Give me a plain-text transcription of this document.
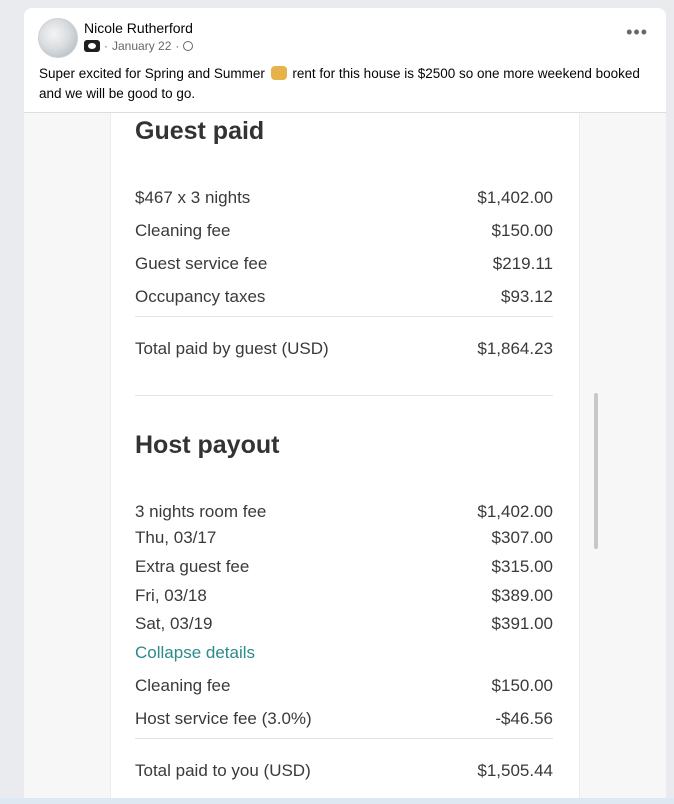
Nicole Rutherford
· January 22 ·
•••
Super excited for Spring and Summer rent for this house is $2500 so one more weekend booked and we will be good to go.
Guest paid
$467 x 3 nights	$1,402.00
Cleaning fee	$150.00
Guest service fee	$219.11
Occupancy taxes	$93.12
Total paid by guest (USD)	$1,864.23
Host payout
3 nights room fee	$1,402.00
Thu, 03/17	$307.00
Extra guest fee	$315.00
Fri, 03/18	$389.00
Sat, 03/19	$391.00
Collapse details
Cleaning fee	$150.00
Host service fee (3.0%)	-$46.56
Total paid to you (USD)	$1,505.44
